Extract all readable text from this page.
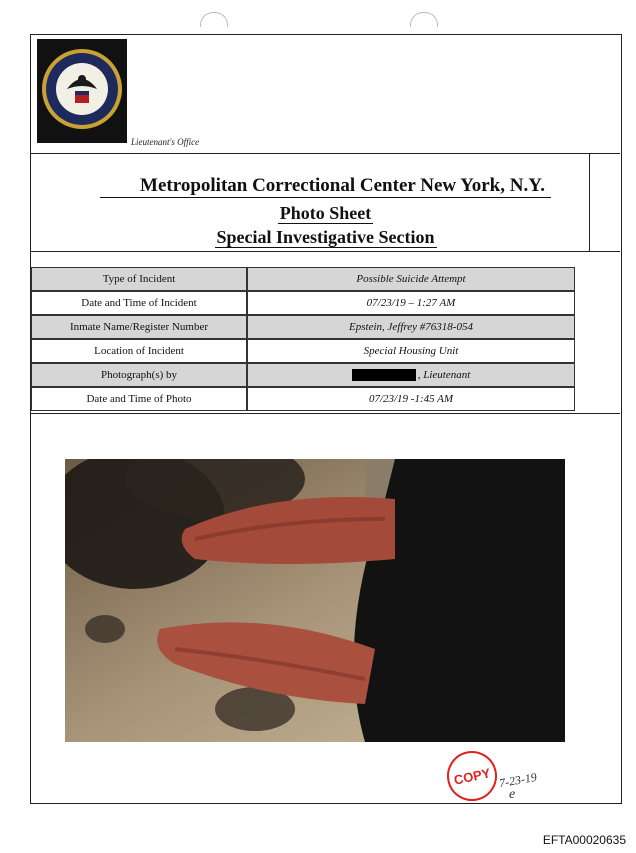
Lieutenant's Office
Metropolitan Correctional Center New York, N.Y.
Photo Sheet
Special Investigative Section
Type of Incident	Possible Suicide Attempt
Date and Time of Incident	07/23/19 – 1:27 AM
Inmate Name/Register Number	Epstein, Jeffrey #76318-054
Location of Incident	Special Housing Unit
Photograph(s) by	, Lieutenant
Date and Time of Photo	07/23/19 -1:45 AM
COPY 7-23-19
e
EFTA00020635
